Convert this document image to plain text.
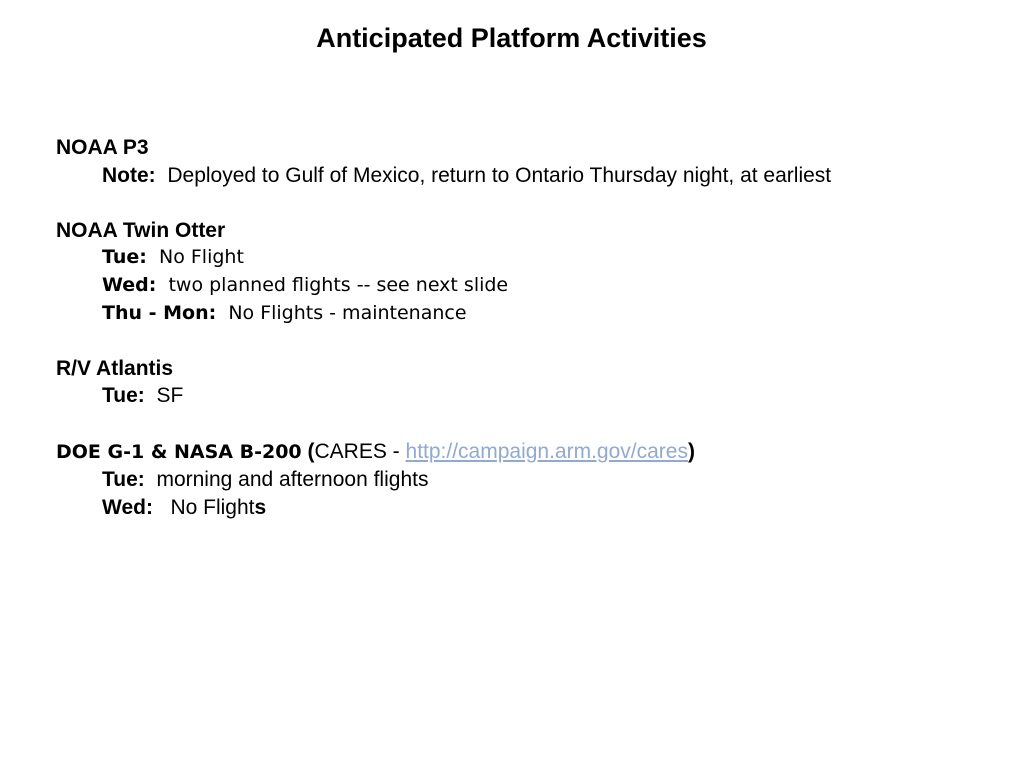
Anticipated Platform Activities
NOAA P3
Note: Deployed to Gulf of Mexico, return to Ontario Thursday night, at earliest
NOAA Twin Otter
Tue: No Flight
Wed: two planned flights -- see next slide
Thu - Mon: No Flights - maintenance
R/V Atlantis
Tue: SF
DOE G-1 & NASA B-200 (CARES - http://campaign.arm.gov/cares)
Tue: morning and afternoon flights
Wed: No Flights
